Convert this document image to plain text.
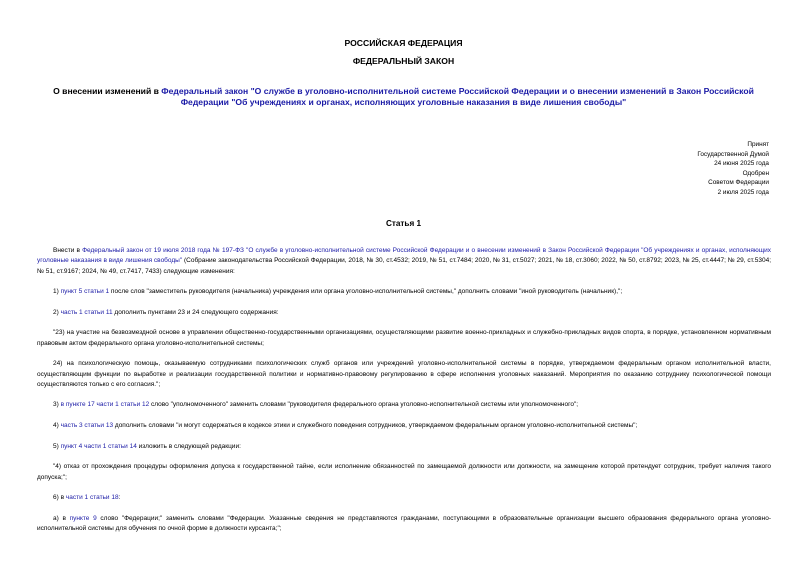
РОССИЙСКАЯ ФЕДЕРАЦИЯ
ФЕДЕРАЛЬНЫЙ ЗАКОН
О внесении изменений в Федеральный закон "О службе в уголовно-исполнительной системе Российской Федерации и о внесении изменений в Закон Российской Федерации "Об учреждениях и органах, исполняющих уголовные наказания в виде лишения свободы"
Принят
Государственной Думой
24 июня 2025 года
Одобрен
Советом Федерации
2 июля 2025 года
Статья 1

Внести в Федеральный закон от 19 июля 2018 года № 197-ФЗ "О службе в уголовно-исполнительной системе Российской Федерации и о внесении изменений в Закон Российской Федерации "Об учреждениях и органах, исполняющих уголовные наказания в виде лишения свободы" (Собрание законодательства Российской Федерации, 2018, № 30, ст.4532; 2019, № 51, ст.7484; 2020, № 31, ст.5027; 2021, № 18, ст.3060; 2022, № 50, ст.8792; 2023, № 25, ст.4447; № 29, ст.5304; № 51, ст.9167; 2024, № 49, ст.7417, 7433) следующие изменения:

1) пункт 5 статьи 1 после слов "заместитель руководителя (начальника) учреждения или органа уголовно-исполнительной системы," дополнить словами "иной руководитель (начальник),";

2) часть 1 статьи 11 дополнить пунктами 23 и 24 следующего содержания:

"23) на участие на безвозмездной основе в управлении общественно-государственными организациями, осуществляющими развитие военно-прикладных и служебно-прикладных видов спорта, в порядке, установленном нормативным правовым актом федерального органа уголовно-исполнительной системы;

24) на психологическую помощь, оказываемую сотрудниками психологических служб органов или учреждений уголовно-исполнительной системы в порядке, утверждаемом федеральным органом исполнительной власти, осуществляющим функции по выработке и реализации государственной политики и нормативно-правовому регулированию в сфере исполнения уголовных наказаний. Мероприятия по оказанию сотруднику психологической помощи осуществляются только с его согласия.";

3) в пункте 17 части 1 статьи 12 слово "уполномоченного" заменить словами "руководителя федерального органа уголовно-исполнительной системы или уполномоченного";

4) часть 3 статьи 13 дополнить словами "и могут содержаться в кодексе этики и служебного поведения сотрудников, утверждаемом федеральным органом уголовно-исполнительной системы";

5) пункт 4 части 1 статьи 14 изложить в следующей редакции:

"4) отказ от прохождения процедуры оформления допуска к государственной тайне, если исполнение обязанностей по замещаемой должности или должности, на замещение которой претендует сотрудник, требует наличия такого допуска;";

6) в части 1 статьи 18:

а) в пункте 9 слово "Федерации;" заменить словами "Федерации. Указанные сведения не представляются гражданами, поступающими в образовательные организации высшего образования федерального органа уголовно-исполнительной системы для обучения по очной форме в должности курсанта;";
